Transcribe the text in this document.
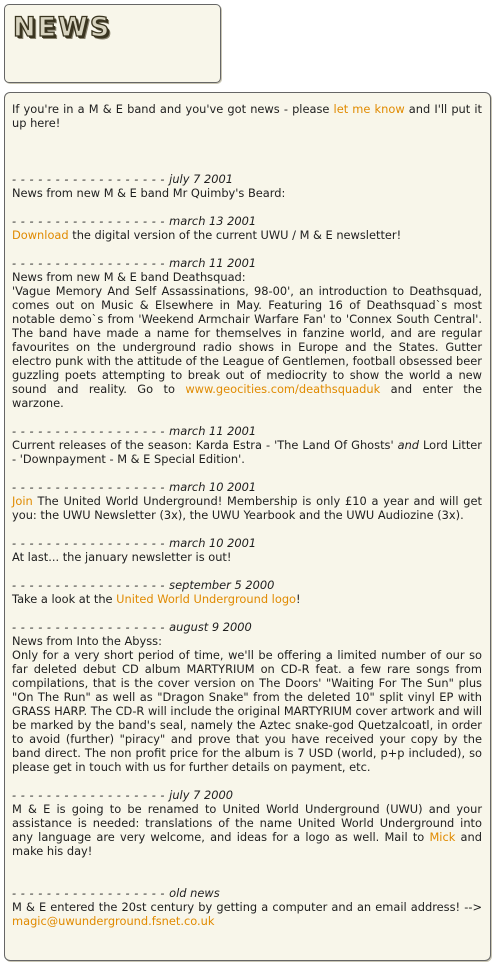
NEWS

If you're in a M & E band and you've got news - please let me know and I'll put it up here!

- - - - - - - - - - - - - - - - - - july 7 2001

News from new M & E band Mr Quimby's Beard:

- - - - - - - - - - - - - - - - - - march 13 2001

Download the digital version of the current UWU / M & E newsletter!

- - - - - - - - - - - - - - - - - - march 11 2001

News from new M & E band Deathsquad:

'Vague Memory And Self Assassinations, 98-00', an introduction to Deathsquad, comes out on Music & Elsewhere in May. Featuring 16 of Deathsquad`s most notable demo`s from 'Weekend Armchair Warfare Fan' to 'Connex South Central'. The band have made a name for themselves in fanzine world, and are regular favourites on the underground radio shows in Europe and the States. Gutter electro punk with the attitude of the League of Gentlemen, football obsessed beer guzzling poets attempting to break out of mediocrity to show the world a new sound and reality. Go to www.geocities.com/deathsquaduk and enter the warzone.

- - - - - - - - - - - - - - - - - - march 11 2001

Current releases of the season: Karda Estra - 'The Land Of Ghosts' and Lord Litter - 'Downpayment - M & E Special Edition'.

- - - - - - - - - - - - - - - - - - march 10 2001

Join The United World Underground! Membership is only £10 a year and will get you: the UWU Newsletter (3x), the UWU Yearbook and the UWU Audiozine (3x).

- - - - - - - - - - - - - - - - - - march 10 2001

At last... the january newsletter is out!

- - - - - - - - - - - - - - - - - - september 5 2000

Take a look at the United World Underground logo!

- - - - - - - - - - - - - - - - - - august 9 2000

News from Into the Abyss:

Only for a very short period of time, we'll be offering a limited number of our so far deleted debut CD album MARTYRIUM on CD-R feat. a few rare songs from compilations, that is the cover version on The Doors' "Waiting For The Sun" plus "On The Run" as well as "Dragon Snake" from the deleted 10" split vinyl EP with GRASS HARP. The CD-R will include the original MARTYRIUM cover artwork and will be marked by the band's seal, namely the Aztec snake-god Quetzalcoatl, in order to avoid (further) "piracy" and prove that you have received your copy by the band direct. The non profit price for the album is 7 USD (world, p+p included), so please get in touch with us for further details on payment, etc.

- - - - - - - - - - - - - - - - - - july 7 2000

M & E is going to be renamed to United World Underground (UWU) and your assistance is needed: translations of the name United World Underground into any language are very welcome, and ideas for a logo as well. Mail to Mick and make his day!

- - - - - - - - - - - - - - - - - - old news

M & E entered the 20st century by getting a computer and an email address! --> magic@uwunderground.fsnet.co.uk
